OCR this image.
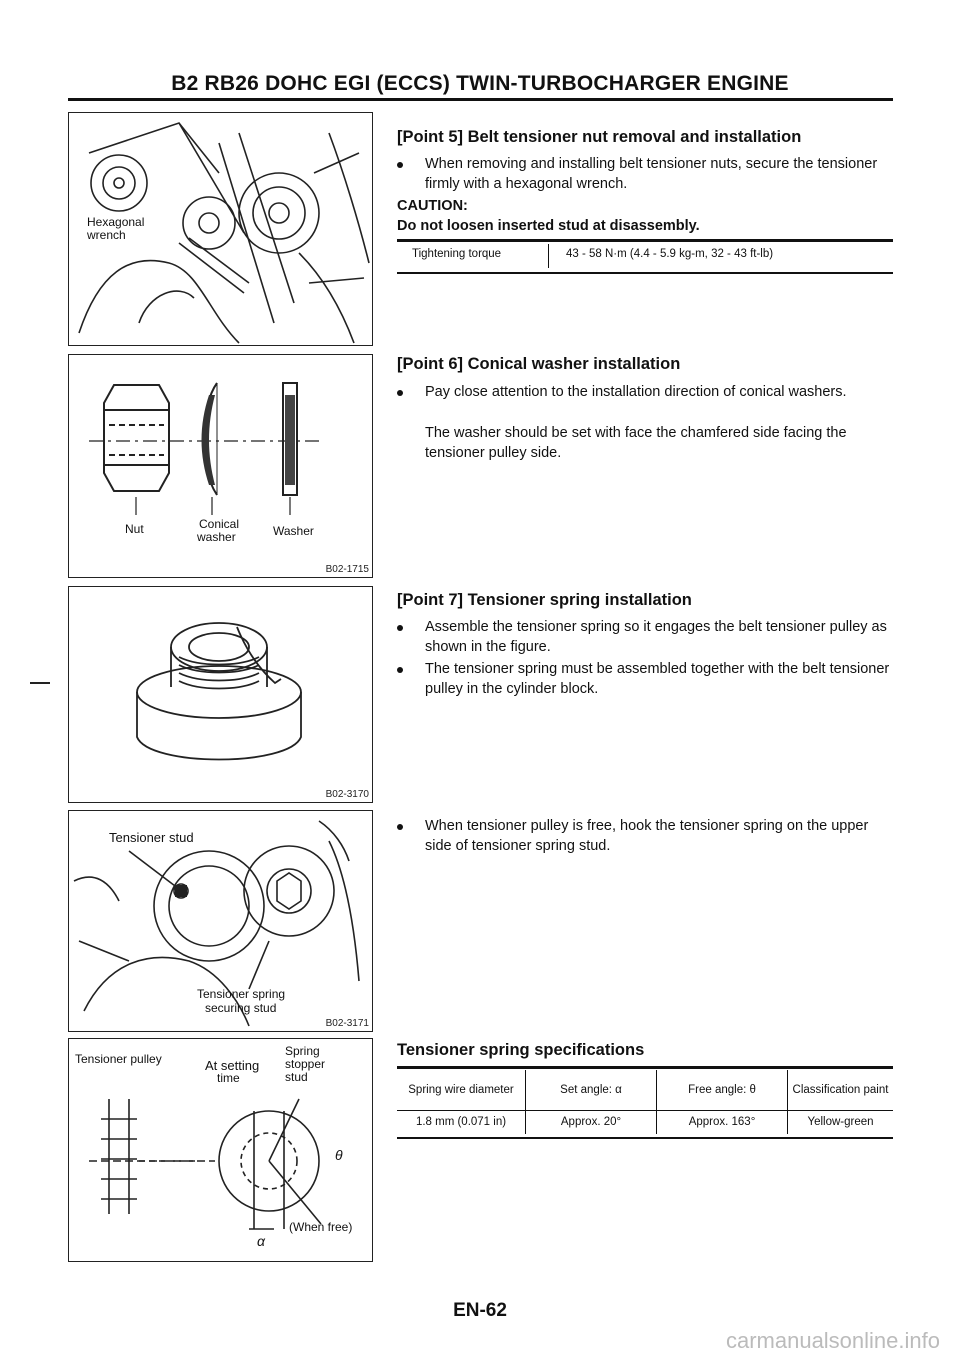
B2 RB26 DOHC EGI (ECCS) TWIN-TURBOCHARGER ENGINE
Hexagonal
wrench
Nut	Conical
washer	Washer
B02-1715
B02-3170
Tensioner stud
Tensioner spring
securing stud
B02-3171
Tensioner pulley	At setting
time
Spring
stopper
stud
θ
α
(When free)
[Point 5] Belt tensioner nut removal and installation
When removing and installing belt tensioner nuts, secure the tensioner firmly with a hexagonal wrench.
CAUTION:
Do not loosen inserted stud at disassembly.
Tightening torque	43 - 58 N·m (4.4 - 5.9 kg-m, 32 - 43 ft-lb)
[Point 6] Conical washer installation
Pay close attention to the installation direction of conical washers.
The washer should be set with face the chamfered side facing the tensioner pulley side.
[Point 7] Tensioner spring installation
Assemble the tensioner spring so it engages the belt tensioner pulley as shown in the figure.
The tensioner spring must be assembled together with the belt tensioner pulley in the cylinder block.
When tensioner pulley is free, hook the tensioner spring on the upper side of tensioner spring stud.
Tensioner spring specifications
Spring wire diameter	Set angle: α	Free angle: θ	Classification paint
1.8 mm (0.071 in)	Approx. 20°	Approx. 163°	Yellow-green
EN-62
carmanualsonline.info
